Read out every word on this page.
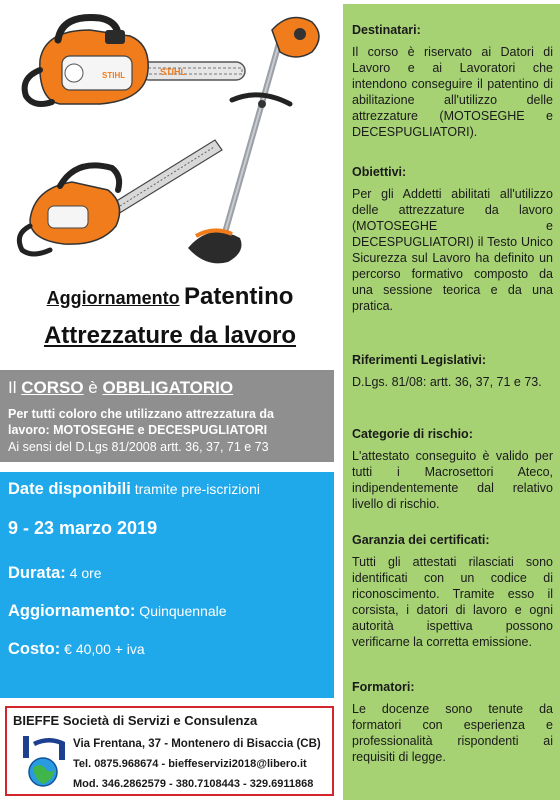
STIHL	STIHL
Aggiornamento Patentino
Attrezzature da lavoro
Il CORSO è OBBLIGATORIO
Per tutti coloro che utilizzano attrezzatura da
lavoro: MOTOSEGHE e DECESPUGLIATORI
Ai sensi del D.Lgs 81/2008 artt. 36, 37, 71 e 73
Date disponibili tramite pre-iscrizioni
9 - 23 marzo 2019
Durata: 4 ore
Aggiornamento: Quinquennale
Costo: € 40,00 + iva
BIEFFE Società di Servizi e Consulenza
Via Frentana, 37 - Montenero di Bisaccia (CB)
Tel. 0875.968674 - bieffeservizi2018@libero.it
Mod. 346.2862579 - 380.7108443 - 329.6911868
Destinatari:
Il corso è riservato ai Datori di Lavoro e ai Lavoratori che intendono conseguire il patentino di abilitazione all'utilizzo delle attrezzature (MOTOSEGHE e DECESPUGLIATORI).
Obiettivi:
Per gli Addetti abilitati all'utilizzo delle attrezzature da lavoro (MOTOSEGHE e DECESPUGLIATORI) il Testo Unico Sicurezza sul Lavoro ha definito un percorso formativo composto da una sessione teorica e da una pratica.
Riferimenti Legislativi:
D.Lgs. 81/08: artt. 36, 37, 71 e 73.
Categorie di rischio:
L'attestato conseguito è valido per tutti i Macrosettori Ateco, indipendentemente dal relativo livello di rischio.
Garanzia dei certificati:
Tutti gli attestati rilasciati sono identificati con un codice di riconoscimento. Tramite esso il corsista, i datori di lavoro e ogni autorità ispettiva possono verificarne la corretta emissione.
Formatori:
Le docenze sono tenute da formatori con esperienza e professionalità rispondenti ai requisiti di legge.
